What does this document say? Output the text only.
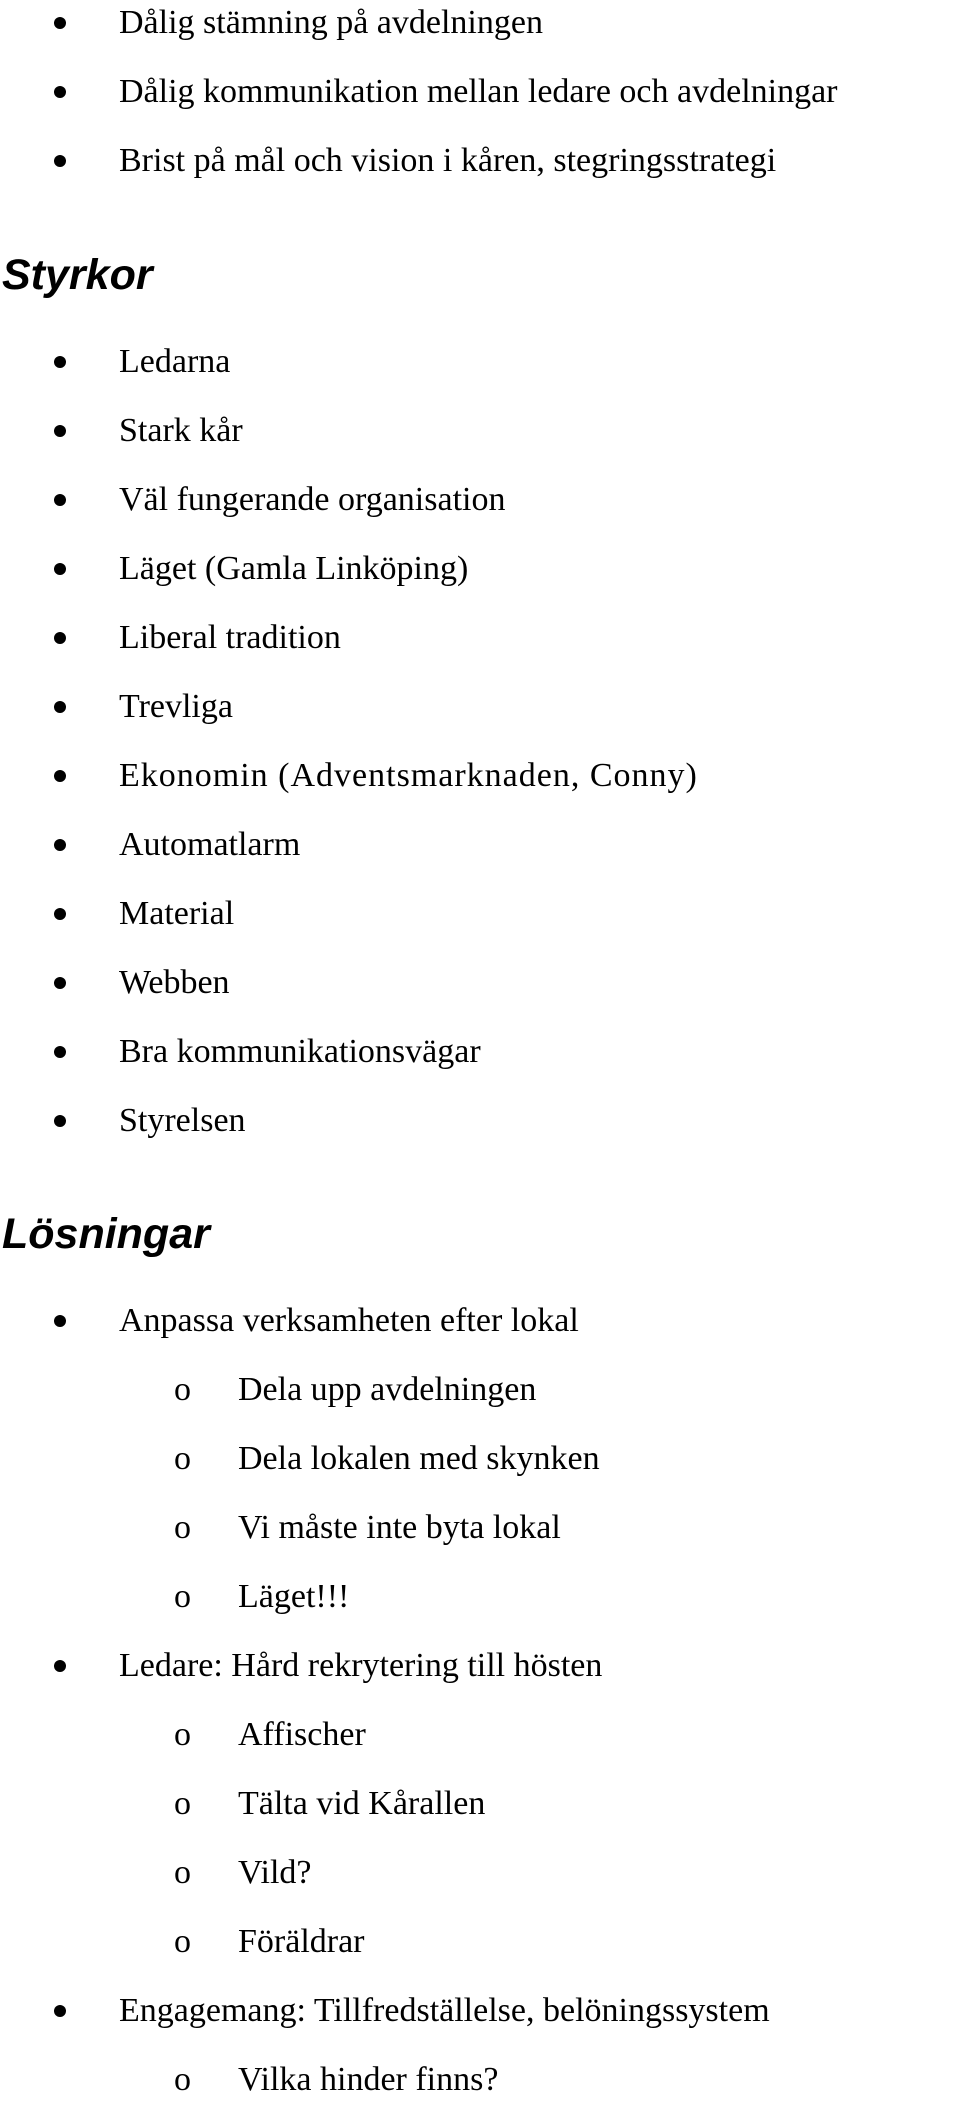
Dålig stämning på avdelningen
Dålig kommunikation mellan ledare och avdelningar
Brist på mål och vision i kåren, stegringsstrategi
Styrkor
Ledarna
Stark kår
Väl fungerande organisation
Läget (Gamla Linköping)
Liberal tradition
Trevliga
Ekonomin (Adventsmarknaden, Conny)
Automatlarm
Material
Webben
Bra kommunikationsvägar
Styrelsen
Lösningar
Anpassa verksamheten efter lokal
o Dela upp avdelningen
o Dela lokalen med skynken
o Vi måste inte byta lokal
o Läget!!!
Ledare: Hård rekrytering till hösten
o Affischer
o Tälta vid Kårallen
o Vild?
o Föräldrar
Engagemang: Tillfredställelse, belöningssystem
o Vilka hinder finns?
